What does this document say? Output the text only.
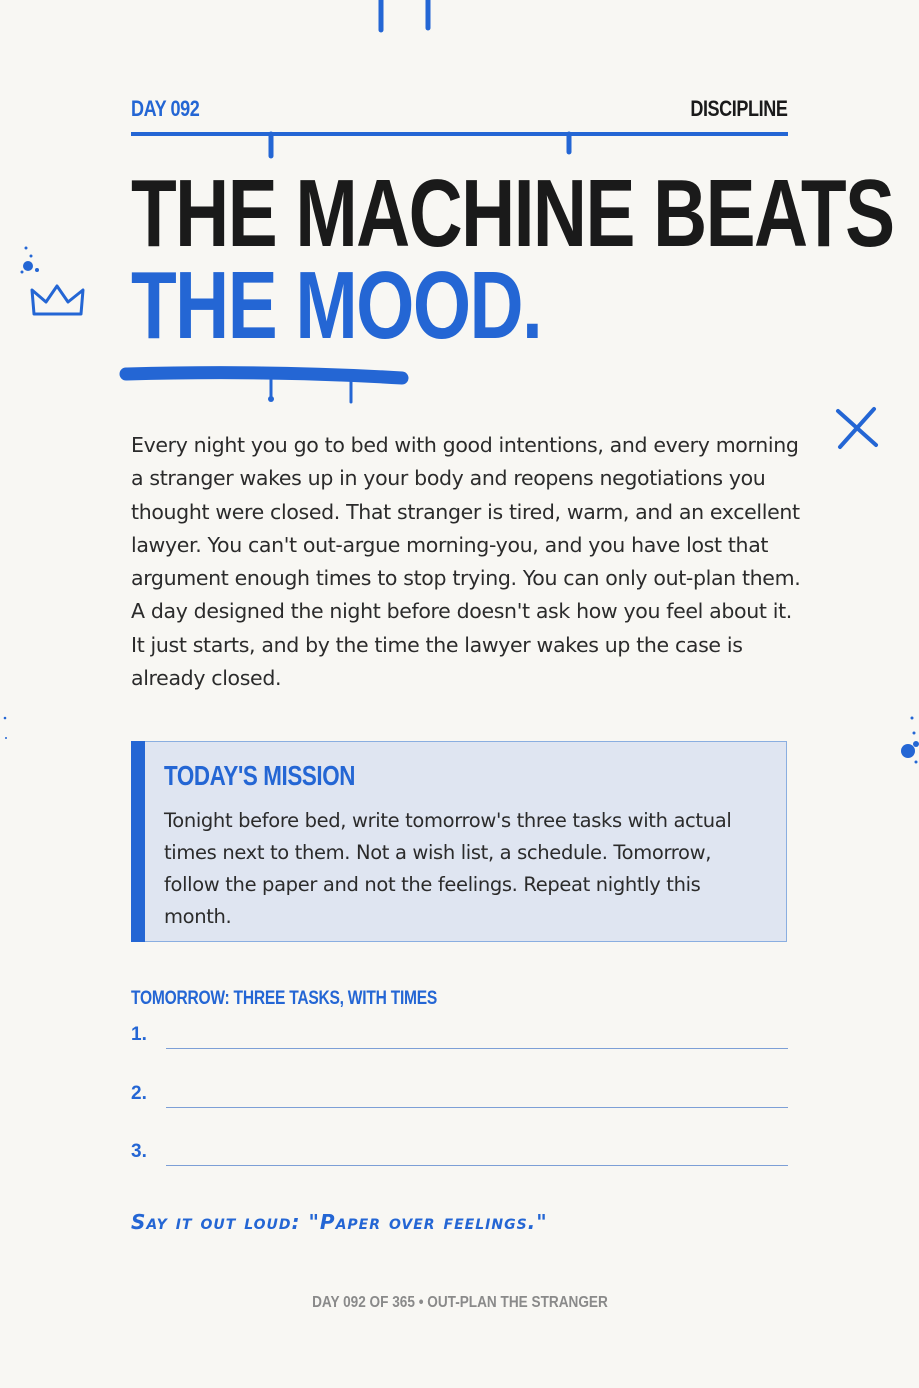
DAY 092	DISCIPLINE
THE MACHINE BEATS
THE MOOD.
Every night you go to bed with good intentions, and every morning a stranger wakes up in your body and reopens negotiations you thought were closed. That stranger is tired, warm, and an excellent lawyer. You can't out-argue morning-you, and you have lost that argument enough times to stop trying. You can only out-plan them. A day designed the night before doesn't ask how you feel about it. It just starts, and by the time the lawyer wakes up the case is already closed.
TODAY'S MISSION
Tonight before bed, write tomorrow's three tasks with actual times next to them. Not a wish list, a schedule. Tomorrow, follow the paper and not the feelings. Repeat nightly this month.
TOMORROW: THREE TASKS, WITH TIMES
1.
2.
3.
Say it out loud: "Paper over feelings."
DAY 092 OF 365 • OUT-PLAN THE STRANGER
